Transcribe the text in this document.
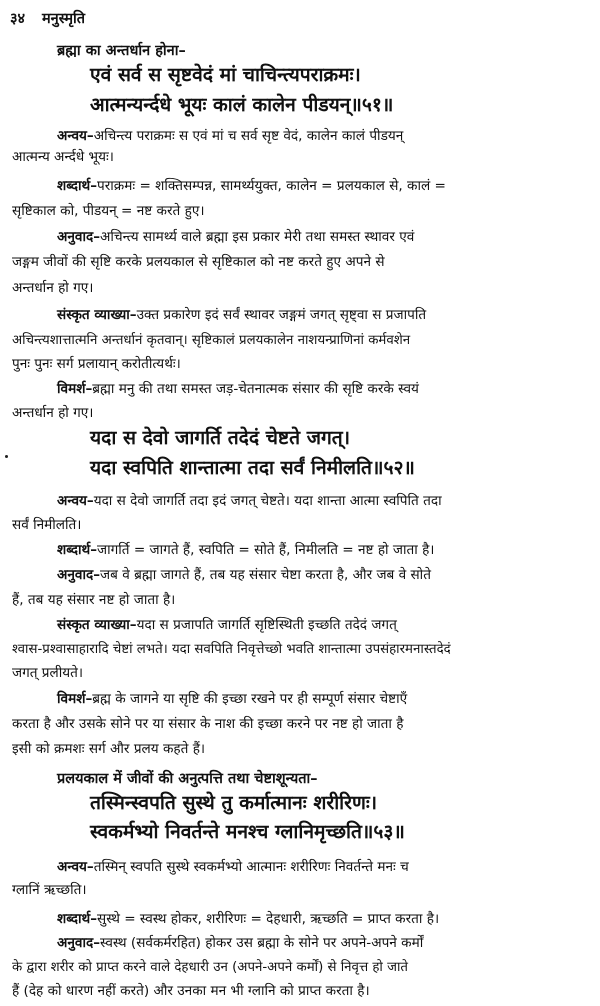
३४ मनुस्मृति
ब्रह्मा का अन्तर्धान होना–
एवं सर्व स सृष्टवेदं मां चाचिन्त्यपराक्रमः।
आत्मन्यर्न्दधे भूयः कालं कालेन पीडयन्॥५१॥
अन्वय–अचिन्त्य पराक्रमः स एवं मां च सर्व सृष्ट वेदं, कालेन कालं पीडयन्
आत्मन्य अर्न्दधे भूयः।
शब्दार्थ–पराक्रमः = शक्तिसम्पन्न, सामर्थ्ययुक्त, कालेन = प्रलयकाल से, कालं =
सृष्टिकाल को, पीडयन् = नष्ट करते हुए।
अनुवाद–अचिन्त्य सामर्थ्य वाले ब्रह्मा इस प्रकार मेरी तथा समस्त स्थावर एवं
जङ्गम जीवों की सृष्टि करके प्रलयकाल से सृष्टिकाल को नष्ट करते हुए अपने से
अन्तर्धान हो गए।
संस्कृत व्याख्या–उक्त प्रकारेण इदं सर्वं स्थावर जङ्गमं जगत् सृष्ट्वा स प्रजापति
अचिन्त्यशात्तात्मनि अन्तर्धानं कृतवान्। सृष्टिकालं प्रलयकालेन नाशयन्प्राणिनां कर्मवशेन
पुनः पुनः सर्ग प्रलायान् करोतीत्यर्थः।
विमर्श–ब्रह्मा मनु की तथा समस्त जड़-चेतनात्मक संसार की सृष्टि करके स्वयं
अन्तर्धान हो गए।
यदा स देवो जागर्ति तदेदं चेष्टते जगत्।
यदा स्वपिति शान्तात्मा तदा सर्वं निमीलति॥५२॥
अन्वय–यदा स देवो जागर्ति तदा इदं जगत् चेष्टते। यदा शान्ता आत्मा स्वपिति तदा
सर्वं निमीलति।
शब्दार्थ–जागर्ति = जागते हैं, स्वपिति = सोते हैं, निमीलति = नष्ट हो जाता है।
अनुवाद–जब वे ब्रह्मा जागते हैं, तब यह संसार चेष्टा करता है, और जब वे सोते
हैं, तब यह संसार नष्ट हो जाता है।
संस्कृत व्याख्या–यदा स प्रजापति जागर्ति सृष्टिस्थिती इच्छति तदेदं जगत्
श्वास-प्रश्वासाहारादि चेष्टां लभते। यदा सवपिति निवृत्तेच्छो भवति शान्तात्मा उपसंहारमनास्तदेदं
जगत् प्रलीयते।
विमर्श–ब्रह्म के जागने या सृष्टि की इच्छा रखने पर ही सम्पूर्ण संसार चेष्टाएँ
करता है और उसके सोने पर या संसार के नाश की इच्छा करने पर नष्ट हो जाता है
इसी को क्रमशः सर्ग और प्रलय कहते हैं।
प्रलयकाल में जीवों की अनुत्पत्ति तथा चेष्टाशून्यता–
तस्मिन्स्वपति सुस्थे तु कर्मात्मानः शरीरिणः।
स्वकर्मभ्यो निवर्तन्ते मनश्च ग्लानिमृच्छति॥५३॥
अन्वय–तस्मिन् स्वपति सुस्थे स्वकर्मभ्यो आत्मानः शरीरिणः निवर्तन्ते मनः च
ग्लानिं ऋच्छति।
शब्दार्थ–सुस्थे = स्वस्थ होकर, शरीरिणः = देहधारी, ऋच्छति = प्राप्त करता है।
अनुवाद–स्वस्थ (सर्वकर्मरहित) होकर उस ब्रह्मा के सोने पर अपने-अपने कर्मों
के द्वारा शरीर को प्राप्त करने वाले देहधारी उन (अपने-अपने कर्मों) से निवृत्त हो जाते
हैं (देह को धारण नहीं करते) और उनका मन भी ग्लानि को प्राप्त करता है।
